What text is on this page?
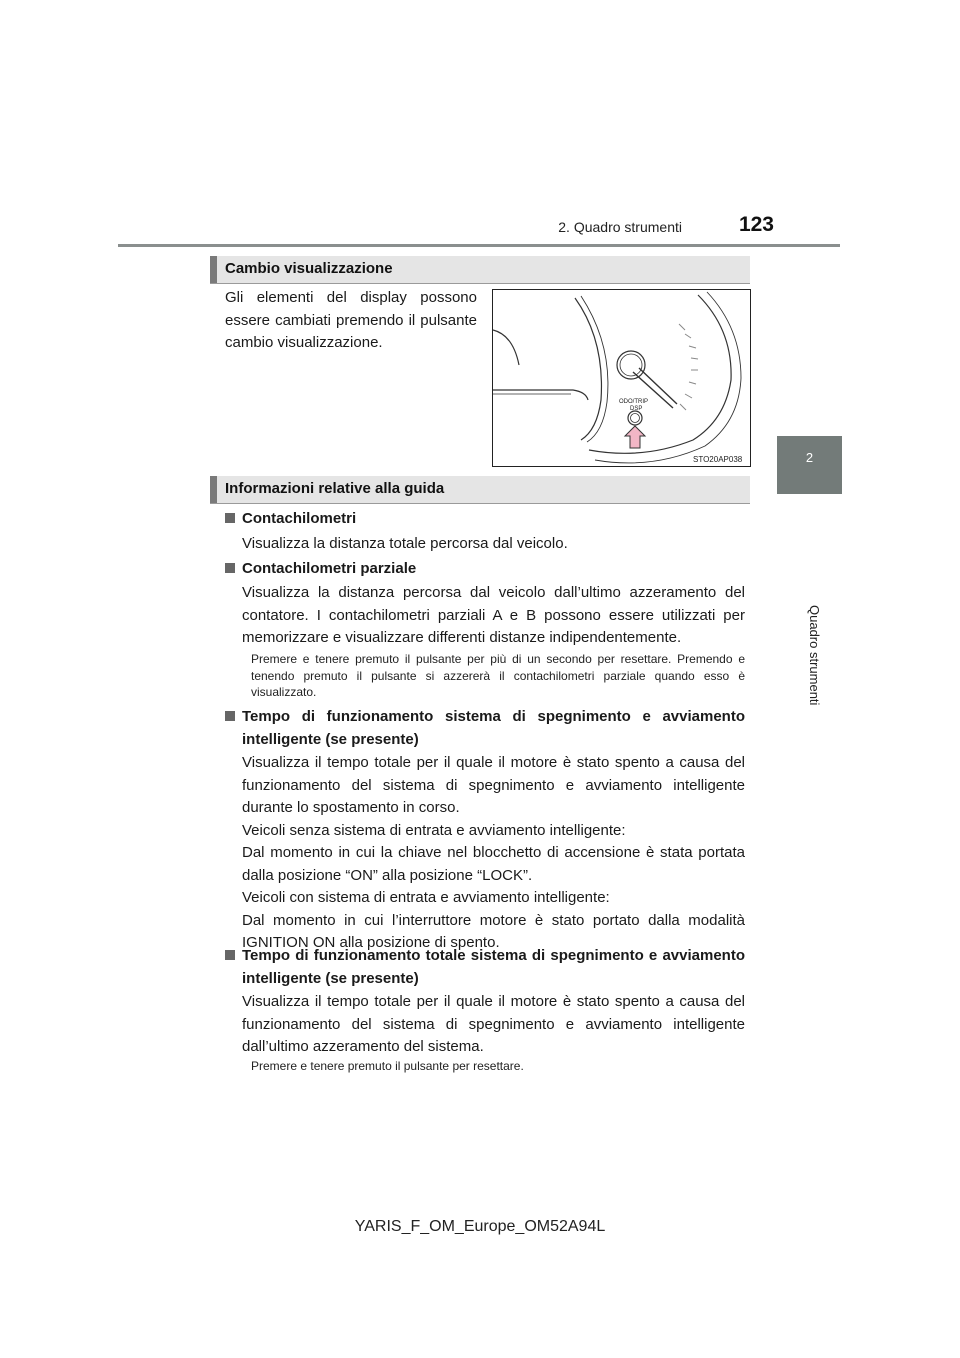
2. Quadro strumenti	123
2
Quadro strumenti
Cambio visualizzazione
Gli elementi del display possono essere cambiati premendo il pulsante cambio visualizzazione.
ODO/TRIP
DSP
STO20AP038
Informazioni relative alla guida
Contachilometri
Visualizza la distanza totale percorsa dal veicolo.
Contachilometri parziale
Visualizza la distanza percorsa dal veicolo dall’ultimo azzeramento del contatore. I contachilometri parziali A e B possono essere utilizzati per memorizzare e visualizzare differenti distanze indipendentemente.
Premere e tenere premuto il pulsante per più di un secondo per resettare. Premendo e tenendo premuto il pulsante si azzererà il contachilometri parziale quando esso è visualizzato.
Tempo di funzionamento sistema di spegnimento e avviamento intelligente (se presente)
Visualizza il tempo totale per il quale il motore è stato spento a causa del funzionamento del sistema di spegnimento e avviamento intelligente durante lo spostamento in corso.
Veicoli senza sistema di entrata e avviamento intelligente:
Dal momento in cui la chiave nel blocchetto di accensione è stata portata dalla posizione “ON” alla posizione “LOCK”.
Veicoli con sistema di entrata e avviamento intelligente:
Dal momento in cui l’interruttore motore è stato portato dalla modalità IGNITION ON alla posizione di spento.
Tempo di funzionamento totale sistema di spegnimento e avviamento intelligente (se presente)
Visualizza il tempo totale per il quale il motore è stato spento a causa del funzionamento del sistema di spegnimento e avviamento intelligente dall’ultimo azzeramento del sistema.
Premere e tenere premuto il pulsante per resettare.
YARIS_F_OM_Europe_OM52A94L
